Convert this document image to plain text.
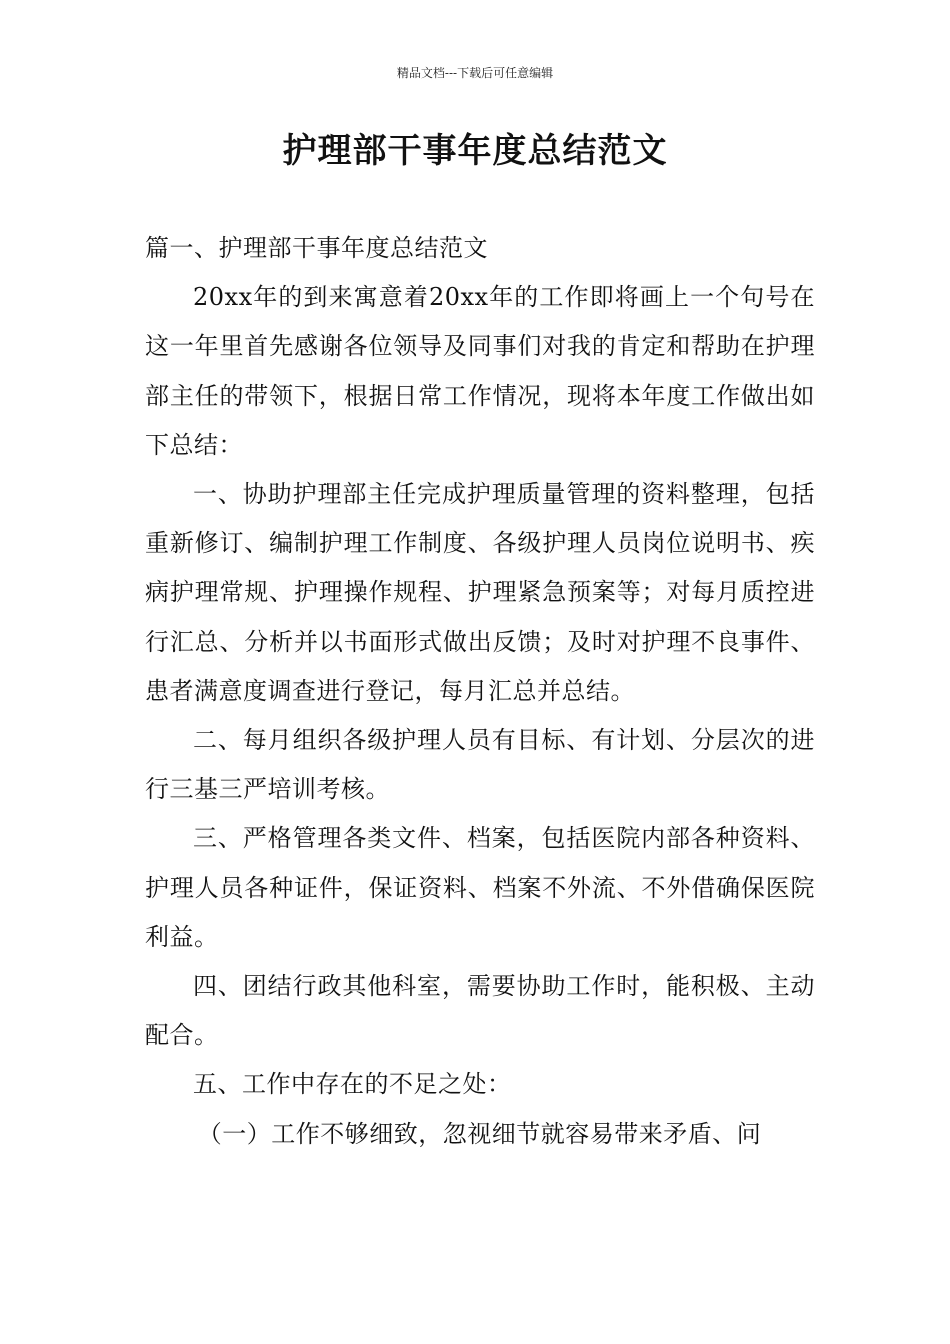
精品文档---下载后可任意编辑
护理部干事年度总结范文

篇一、护理部干事年度总结范文

20xx年的到来寓意着20xx年的工作即将画上一个句号在这一年里首先感谢各位领导及同事们对我的肯定和帮助在护理部主任的带领下，根据日常工作情况，现将本年度工作做出如下总结：

一、协助护理部主任完成护理质量管理的资料整理，包括重新修订、编制护理工作制度、各级护理人员岗位说明书、疾病护理常规、护理操作规程、护理紧急预案等；对每月质控进行汇总、分析并以书面形式做出反馈；及时对护理不良事件、患者满意度调查进行登记，每月汇总并总结。

二、每月组织各级护理人员有目标、有计划、分层次的进行三基三严培训考核。

三、严格管理各类文件、档案，包括医院内部各种资料、护理人员各种证件，保证资料、档案不外流、不外借确保医院利益。

四、团结行政其他科室，需要协助工作时，能积极、主动配合。

五、工作中存在的不足之处：

（一）工作不够细致，忽视细节就容易带来矛盾、问
